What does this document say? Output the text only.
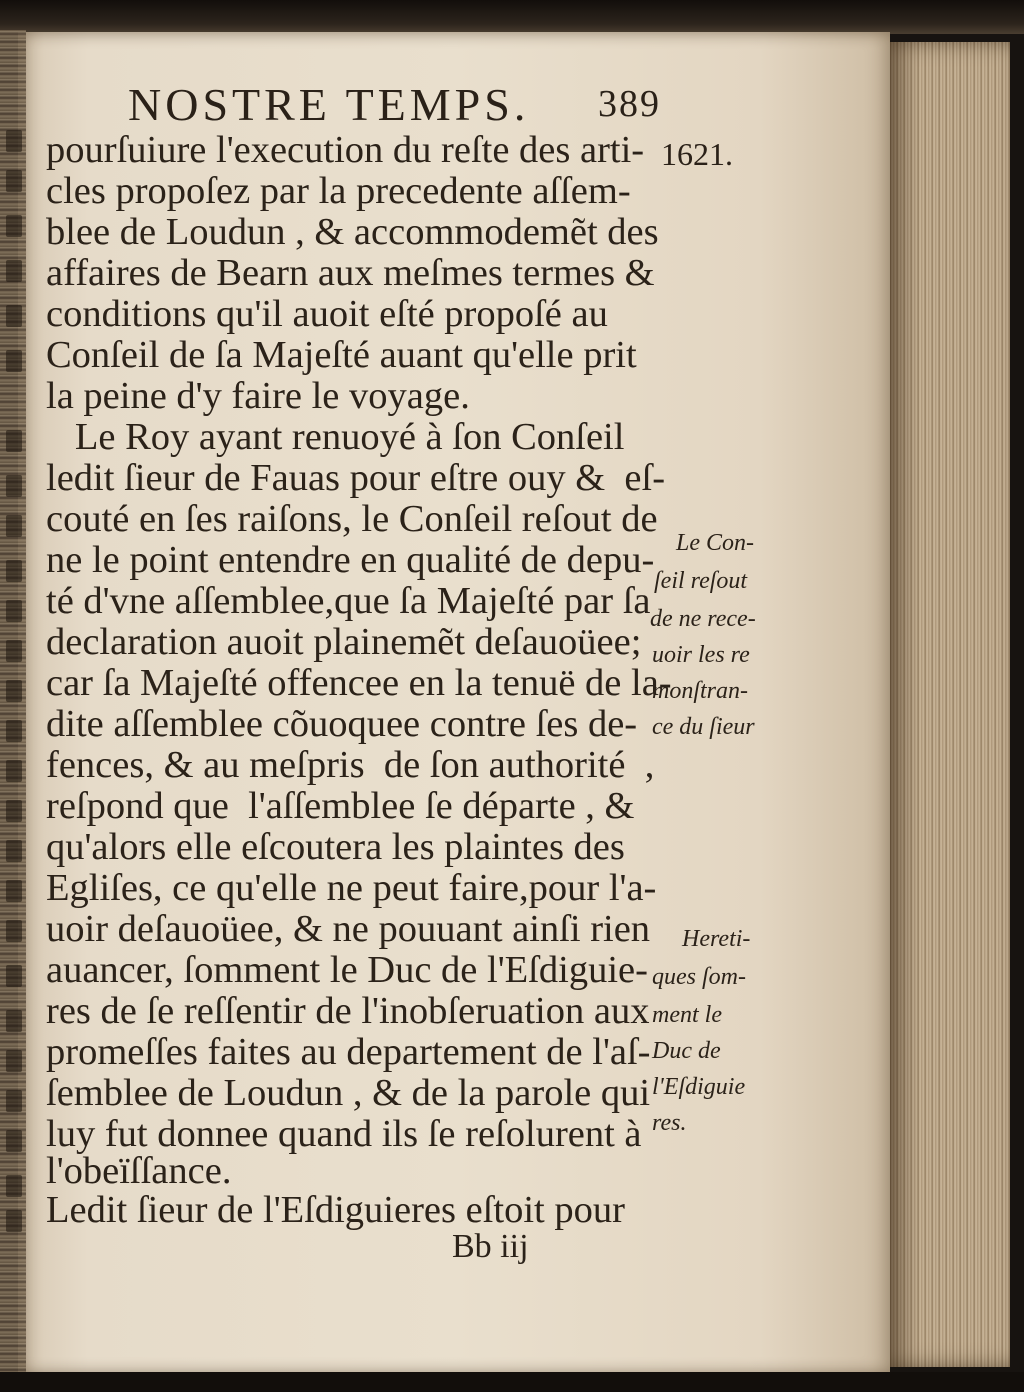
NOSTRE TEMPS. 389
1621.
pourſuiure l'execution du reſte des arti-
cles propoſez par la precedente aſſem-
blee de Loudun , & accommodemẽt des
affaires de Bearn aux meſmes termes &
conditions qu'il auoit eſté propoſé au
Conſeil de ſa Majeſté auant qu'elle prit
la peine d'y faire le voyage.
Le Roy ayant renuoyé à ſon Conſeil
ledit ſieur de Fauas pour eſtre ouy &  eſ-
couté en ſes raiſons, le Conſeil reſout de
ne le point entendre en qualité de depu-
té d'vne aſſemblee,que ſa Majeſté par ſa
declaration auoit plainemẽt deſauoüee;
car ſa Majeſté offencee en la tenuë de la-
dite aſſemblee cõuoquee contre ſes de-
fences, & au meſpris  de ſon authorité  ,
reſpond que  l'aſſemblee ſe départe , &
qu'alors elle eſcoutera les plaintes des
Egliſes, ce qu'elle ne peut faire,pour l'a-
uoir deſauoüee, & ne pouuant ainſi rien
auancer, ſomment le Duc de l'Eſdiguie-
res de ſe reſſentir de l'inobſeruation aux
promeſſes faites au departement de l'aſ-
ſemblee de Loudun , & de la parole qui
luy fut donnee quand ils ſe reſolurent à
l'obeïſſance.
Ledit ſieur de l'Eſdiguieres eſtoit pour
Bb iij
Le Con-
ſeil reſout
de ne rece-
uoir les re
monſtran-
ce du ſieur
Hereti-
ques ſom-
ment le
Duc de
l'Eſdiguie
res.
